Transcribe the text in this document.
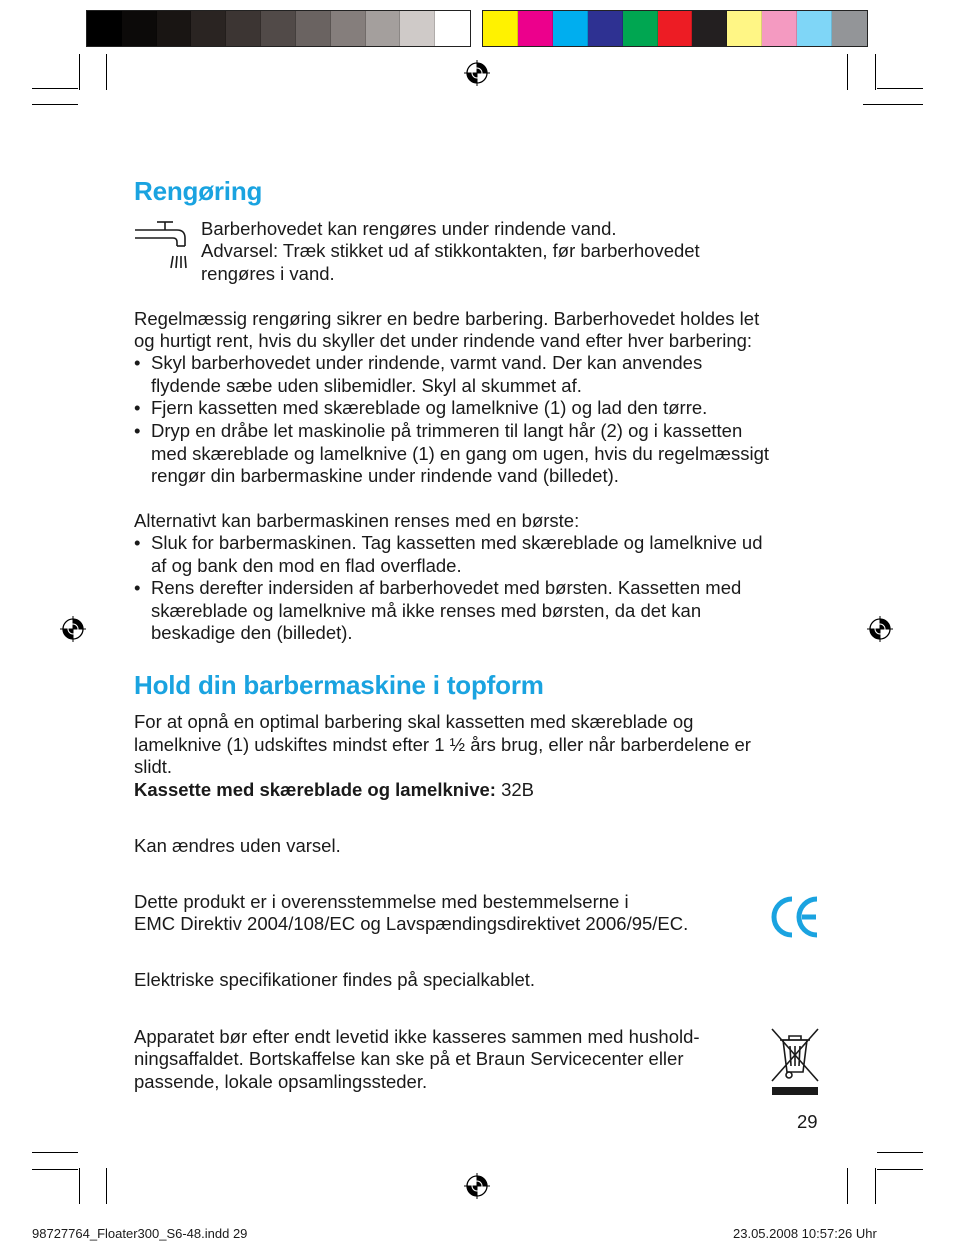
Rengøring
Barberhovedet kan rengøres under rindende vand.
Advarsel: Træk stikket ud af stikkontakten, før barberhovedet
rengøres i vand.
Regelmæssig rengøring sikrer en bedre barbering. Barberhovedet holdes let
og hurtigt rent, hvis du skyller det under rindende vand efter hver barbering:
• Skyl barberhovedet under rindende, varmt vand. Der kan anvendes
flydende sæbe uden slibemidler. Skyl al skummet af.
• Fjern kassetten med skæreblade og lamelknive (1) og lad den tørre.
• Dryp en dråbe let maskinolie på trimmeren til langt hår (2) og i kassetten
med skæreblade og lamelknive (1) en gang om ugen, hvis du regelmæssigt
rengør din barbermaskine under rindende vand (billedet).
Alternativt kan barbermaskinen renses med en børste:
• Sluk for barbermaskinen. Tag kassetten med skæreblade og lamelknive ud
af og bank den mod en flad overflade.
• Rens derefter indersiden af barberhovedet med børsten. Kassetten med
skæreblade og lamelknive må ikke renses med børsten, da det kan
beskadige den (billedet).
Hold din barbermaskine i topform
For at opnå en optimal barbering skal kassetten med skæreblade og
lamelknive (1) udskiftes mindst efter 1 ½ års brug, eller når barberdelene er
slidt.
Kassette med skæreblade og lamelknive: 32B
Kan ændres uden varsel.
Dette produkt er i overensstemmelse med bestemmelserne i
EMC Direktiv 2004/108/EC og Lavspændingsdirektivet 2006/95/EC.
Elektriske specifikationer findes på specialkablet.
Apparatet bør efter endt levetid ikke kasseres sammen med hushold-
ningsaffaldet. Bortskaffelse kan ske på et Braun Servicecenter eller
passende, lokale opsamlingssteder.
29
98727764_Floater300_S6-48.indd 29	23.05.2008 10:57:26 Uhr
